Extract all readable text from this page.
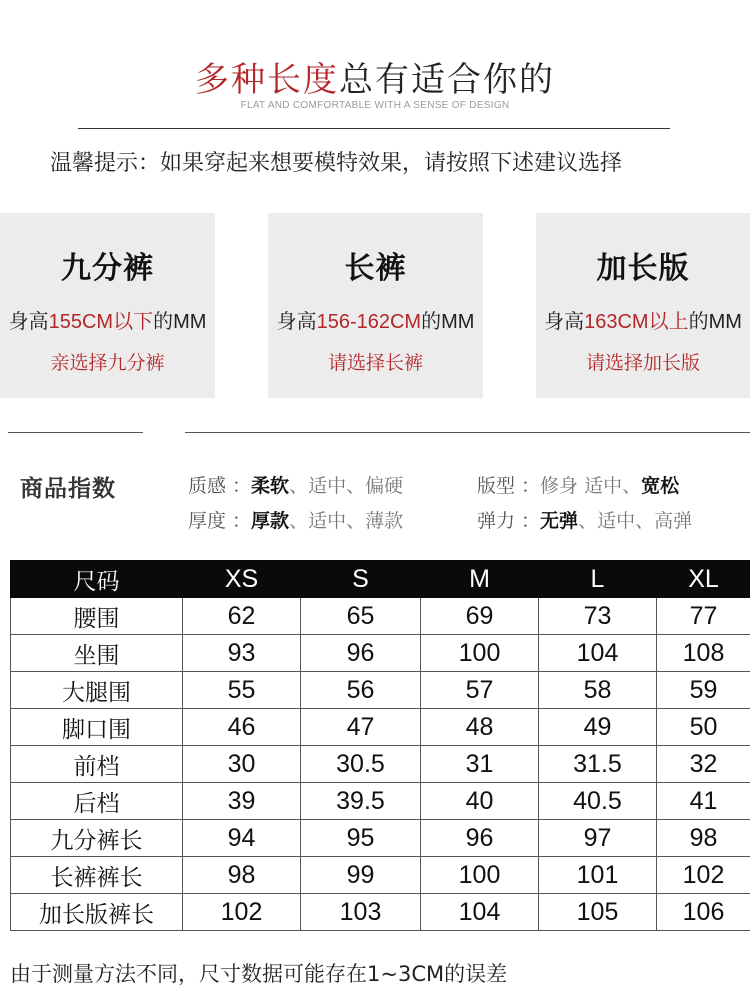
多种长度总有适合你的
FLAT AND COMFORTABLE WITH A SENSE OF DESIGN
温馨提示：如果穿起来想要模特效果，请按照下述建议选择
九分裤
身高155CM以下的MM
亲选择九分裤
长裤
身高156-162CM的MM
请选择长裤
加长版
身高163CM以上的MM
请选择加长版
商品指数	质感 ：柔软、适中、偏硬
厚度 ：厚款、适中、薄款
版型 ：修身 适中、宽松
弹力 ：无弹、适中、高弹
尺码	XS	S	M	L	XL
腰围	62	65	69	73	77
坐围	93	96	100	104	108
大腿围	55	56	57	58	59
脚口围	46	47	48	49	50
前档	30	30.5	31	31.5	32
后档	39	39.5	40	40.5	41
九分裤长	94	95	96	97	98
长裤裤长	98	99	100	101	102
加长版裤长	102	103	104	105	106
由于测量方法不同，尺寸数据可能存在1~3CM的误差
